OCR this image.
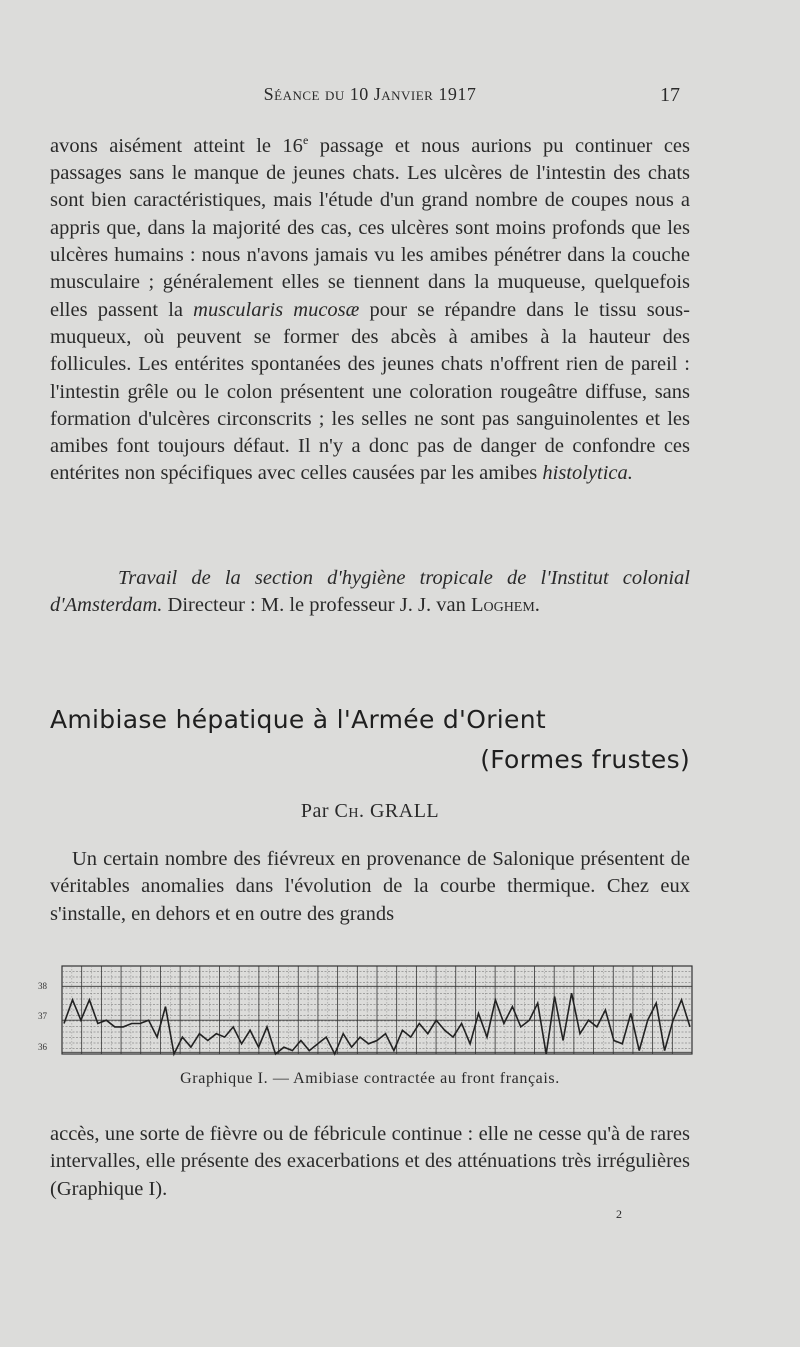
Séance du 10 Janvier 1917	17

avons aisément atteint le 16e passage et nous aurions pu continuer ces passages sans le manque de jeunes chats. Les ulcères de l'intestin des chats sont bien caractéristiques, mais l'étude d'un grand nombre de coupes nous a appris que, dans la majorité des cas, ces ulcères sont moins profonds que les ulcères humains : nous n'avons jamais vu les amibes pénétrer dans la couche musculaire ; généralement elles se tiennent dans la muqueuse, quelquefois elles passent la muscularis mucosæ pour se répandre dans le tissu sous-muqueux, où peuvent se former des abcès à amibes à la hauteur des follicules. Les entérites spontanées des jeunes chats n'offrent rien de pareil : l'intestin grêle ou le colon présentent une coloration rougeâtre diffuse, sans formation d'ulcères circonscrits ; les selles ne sont pas sanguinolentes et les amibes font toujours défaut. Il n'y a donc pas de danger de confondre ces entérites non spécifiques avec celles causées par les amibes histolytica.

Travail de la section d'hygiène tropicale de l'Institut colonial d'Amsterdam. Directeur : M. le professeur J. J. van Loghem.

Amibiase hépatique à l'Armée d'Orient
(Formes frustes)
Par Ch. GRALL

Un certain nombre des fiévreux en provenance de Salonique présentent de véritables anomalies dans l'évolution de la courbe thermique. Chez eux s'installe, en dehors et en outre des grands

38
37
36
Graphique I. — Amibiase contractée au front français.

accès, une sorte de fièvre ou de fébricule continue : elle ne cesse qu'à de rares intervalles, elle présente des exacerbations et des atténuations très irrégulières (Graphique I).

2
